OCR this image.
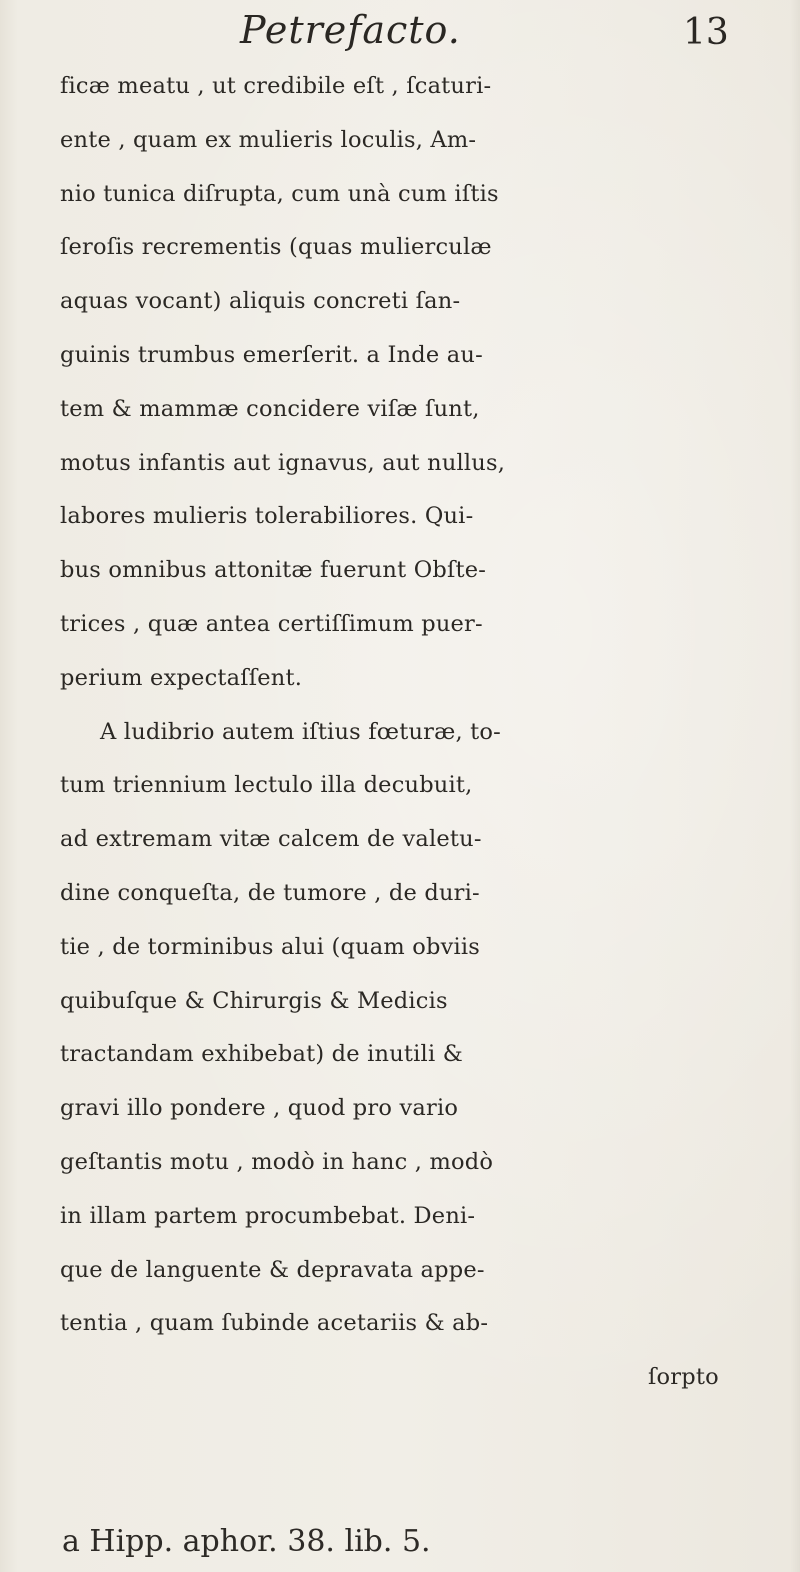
Petrefacto.	13
ficæ meatu , ut credibile eſt , ſcaturi-
ente , quam ex mulieris loculis, Am-
nio tunica diſrupta, cum unà cum iſtis
ſeroſis recrementis (quas mulierculæ
aquas vocant) aliquis concreti ſan-
guinis trumbus emerſerit. a Inde au-
tem & mammæ concidere viſæ ſunt,
motus infantis aut ignavus, aut nullus,
labores mulieris tolerabiliores. Qui-
bus omnibus attonitæ fuerunt Obſte-
trices , quæ antea certiſſimum puer-
perium expectaſſent.
A ludibrio autem iſtius fœturæ, to-
tum triennium lectulo illa decubuit,
ad extremam vitæ calcem de valetu-
dine conqueſta, de tumore , de duri-
tie , de torminibus alui (quam obviis
quibuſque & Chirurgis & Medicis
tractandam exhibebat) de inutili &
gravi illo pondere , quod pro vario
geſtantis motu , modò in hanc , modò
in illam partem procumbebat. Deni-
que de languente & depravata appe-
tentia , quam ſubinde acetariis & ab-
ſorpto
a Hipp. aphor. 38. lib. 5.
